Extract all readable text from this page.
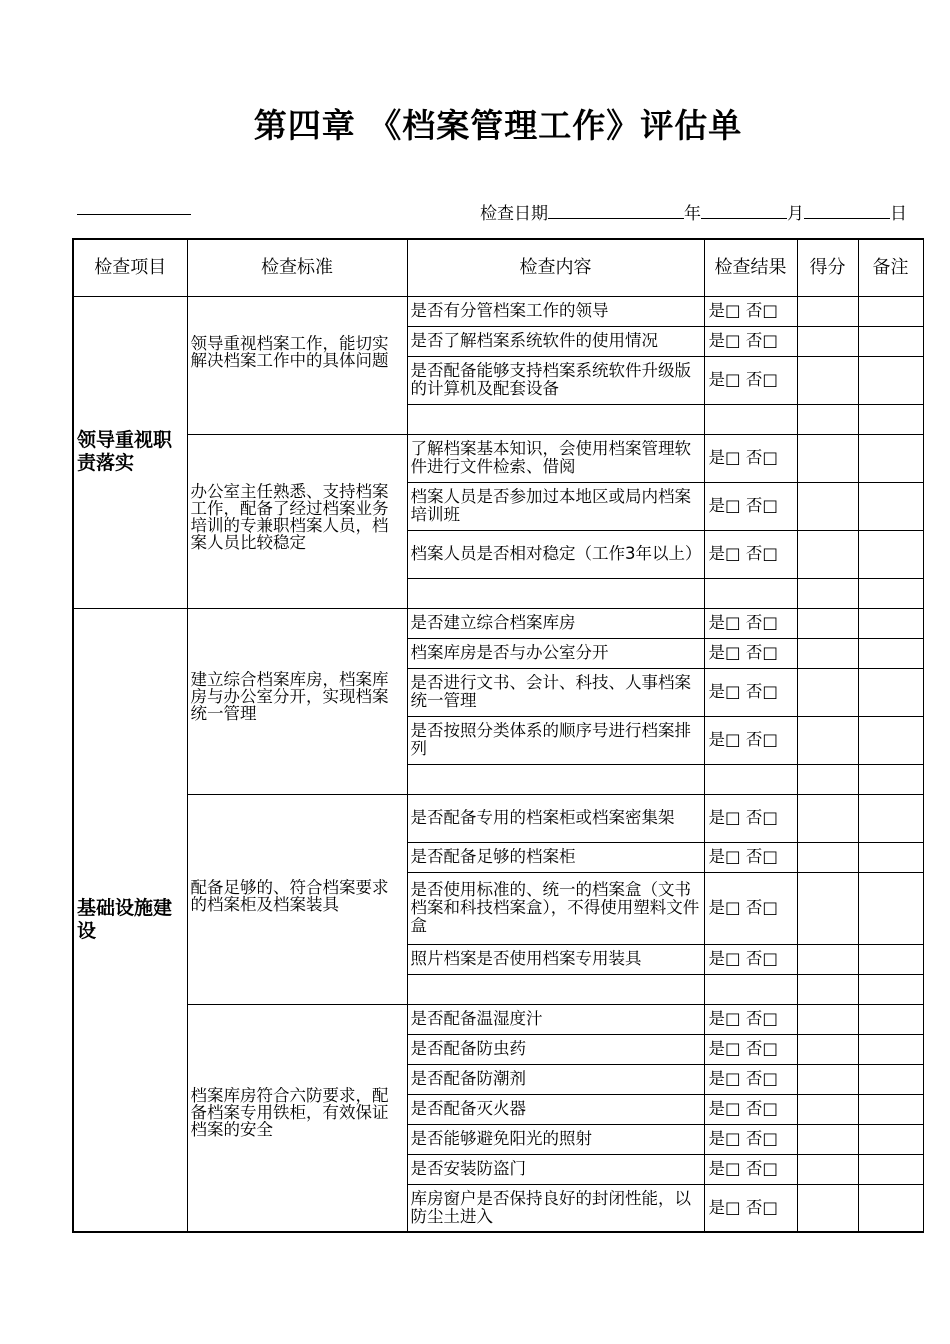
第四章 《档案管理工作》评估单
检查日期	年	月	日
检查项目	检查标准	检查内容	检查结果	得分	备注
领导重视职责落实	领导重视档案工作，能切实解决档案工作中的具体问题	是否有分管档案工作的领导	是□ 否□		
		是否了解档案系统软件的使用情况	是□ 否□		
		是否配备能够支持档案系统软件升级版的计算机及配套设备	是□ 否□		

	办公室主任熟悉、支持档案工作，配备了经过档案业务培训的专兼职档案人员，档案人员比较稳定	了解档案基本知识，会使用档案管理软件进行文件检索、借阅	是□ 否□		
		档案人员是否参加过本地区或局内档案培训班	是□ 否□		
		档案人员是否相对稳定（工作3年以上）	是□ 否□		

基础设施建设	建立综合档案库房，档案库房与办公室分开，实现档案统一管理	是否建立综合档案库房	是□ 否□		
		档案库房是否与办公室分开	是□ 否□		
		是否进行文书、会计、科技、人事档案统一管理	是□ 否□		
		是否按照分类体系的顺序号进行档案排列	是□ 否□		

	配备足够的、符合档案要求的档案柜及档案装具	是否配备专用的档案柜或档案密集架	是□ 否□		
		是否配备足够的档案柜	是□ 否□		
		是否使用标准的、统一的档案盒（文书档案和科技档案盒），不得使用塑料文件盒	是□ 否□		
		照片档案是否使用档案专用装具	是□ 否□		

	档案库房符合六防要求，配备档案专用铁柜，有效保证档案的安全	是否配备温湿度汁	是□ 否□		
		是否配备防虫药	是□ 否□		
		是否配备防潮剂	是□ 否□		
		是否配备灭火器	是□ 否□		
		是否能够避免阳光的照射	是□ 否□		
		是否安装防盗门	是□ 否□		
		库房窗户是否保持良好的封闭性能，以防尘土进入	是□ 否□		
